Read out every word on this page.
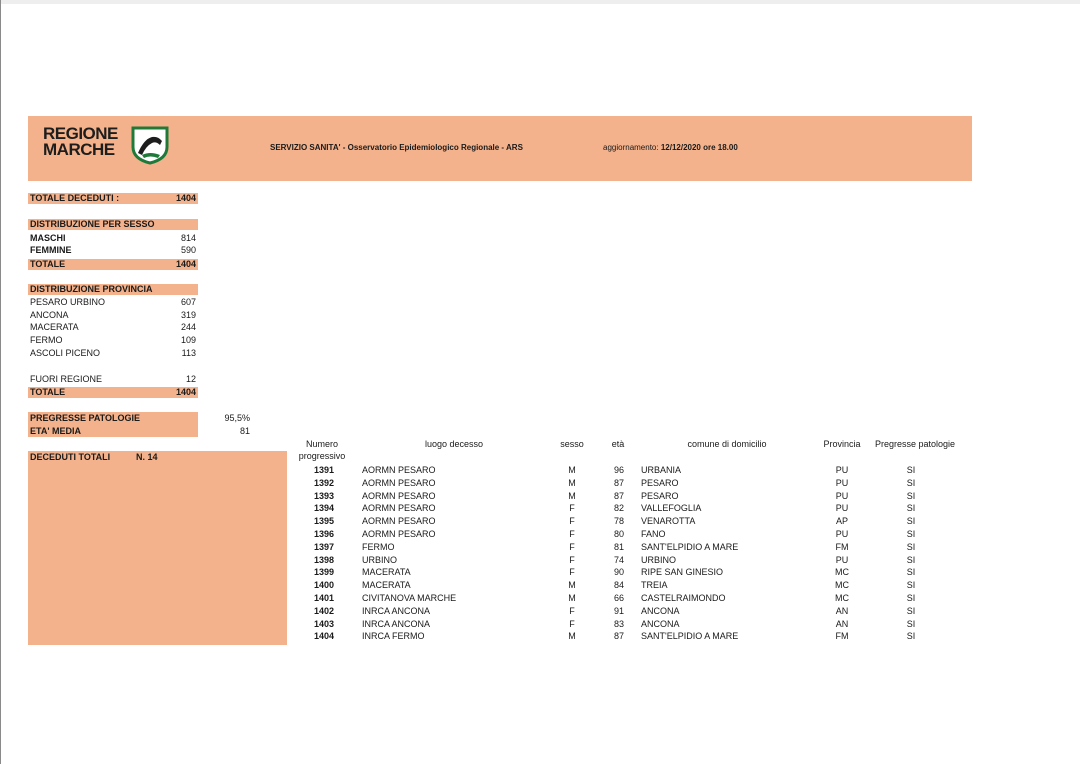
REGIONE
MARCHE	SERVIZIO SANITA' - Osservatorio Epidemiologico Regionale - ARS	aggiornamento: 12/12/2020 ore 18.00
TOTALE DECEDUTI :	1404
DISTRIBUZIONE PER SESSO
MASCHI	814
FEMMINE	590
TOTALE	1404
DISTRIBUZIONE PROVINCIA
PESARO URBINO	607
ANCONA	319
MACERATA	244
FERMO	109
ASCOLI PICENO	113
FUORI REGIONE	12
TOTALE	1404
PREGRESSE PATOLOGIE	95,5%
ETA' MEDIA	81
DECEDUTI TOTALI	N. 14
Numero
progressivo
luogo decesso	sesso	età	comune di domicilio	Provincia Pregresse patologie
1391	AORMN PESARO	M	96 URBANIA	PU	SI
1392	AORMN PESARO	M	87 PESARO	PU	SI
1393	AORMN PESARO	M	87 PESARO	PU	SI
1394	AORMN PESARO	F	82 VALLEFOGLIA	PU	SI
1395	AORMN PESARO	F	78 VENAROTTA	AP	SI
1396	AORMN PESARO	F	80 FANO	PU	SI
1397	FERMO	F	81 SANT'ELPIDIO A MARE	FM	SI
1398	URBINO	F	74 URBINO	PU	SI
1399	MACERATA	F	90 RIPE SAN GINESIO	MC	SI
1400	MACERATA	M	84 TREIA	MC	SI
1401	CIVITANOVA MARCHE	M	66 CASTELRAIMONDO	MC	SI
1402	INRCA ANCONA	F	91 ANCONA	AN	SI
1403	INRCA ANCONA	F	83 ANCONA	AN	SI
1404	INRCA FERMO	M	87 SANT'ELPIDIO A MARE	FM	SI
